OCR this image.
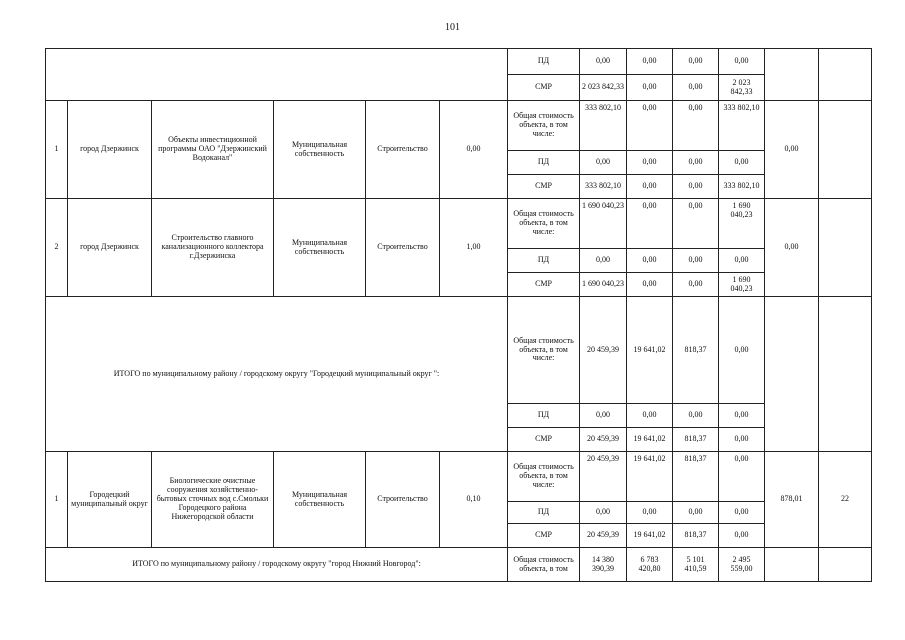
101
						ПД	0,00	0,00	0,00	0,00		
						СМР	2 023 842,33	0,00	0,00	2 023 842,33		
1	город Дзержинск	Объекты инвестиционной программы ОАО "Дзержинский Водоканал"	Муниципальная собственность	Строительство	0,00	Общая стоимость объекта, в том числе:	333 802,10	0,00	0,00	333 802,10	0,00	
						ПД	0,00	0,00	0,00	0,00		
						СМР	333 802,10	0,00	0,00	333 802,10		
2	город Дзержинск	Строительство главного канализационного коллектора г.Дзержинска	Муниципальная собственность	Строительство	1,00	Общая стоимость объекта, в том числе:	1 690 040,23	0,00	0,00	1 690 040,23	0,00	
						ПД	0,00	0,00	0,00	0,00		
						СМР	1 690 040,23	0,00	0,00	1 690 040,23		
ИТОГО по муниципальному району / городскому округу "Городецкий муниципальный округ ":						Общая стоимость объекта, в том числе:	20 459,39	19 641,02	818,37	0,00		
						ПД	0,00	0,00	0,00	0,00		
						СМР	20 459,39	19 641,02	818,37	0,00		
1	Городецкий муниципальный округ	Биологические очистные сооружения хозяйственно-бытовых сточных вод с.Смольки Городецкого района Нижегородской области	Муниципальная собственность	Строительство	0,10	Общая стоимость объекта, в том числе:	20 459,39	19 641,02	818,37	0,00	878,01	22
						ПД	0,00	0,00	0,00	0,00		
						СМР	20 459,39	19 641,02	818,37	0,00		
ИТОГО по муниципальному району / городскому округу "город Нижний Новгород":						Общая стоимость объекта, в том	14 380 390,39	6 783 420,80	5 101 410,59	2 495 559,00		
